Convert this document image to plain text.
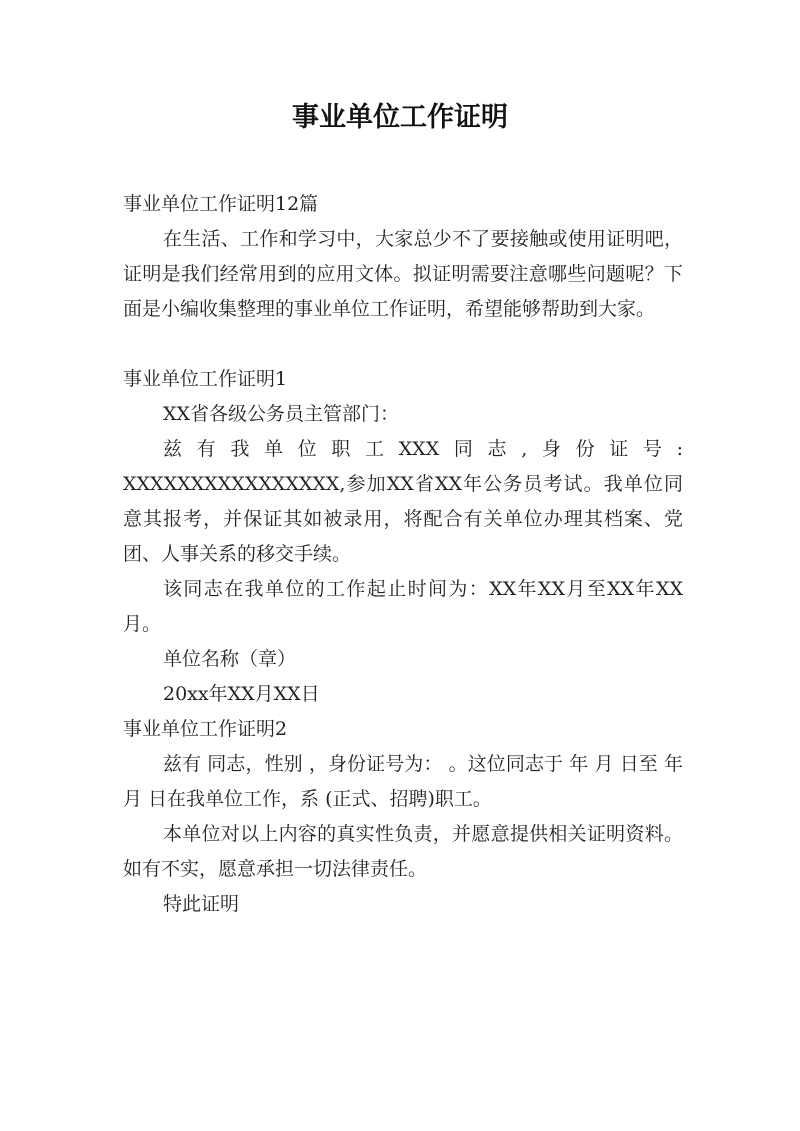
事业单位工作证明

事业单位工作证明12篇

在生活、工作和学习中，大家总少不了要接触或使用证明吧，证明是我们经常用到的应用文体。拟证明需要注意哪些问题呢？下面是小编收集整理的事业单位工作证明，希望能够帮助到大家。

事业单位工作证明1

XX省各级公务员主管部门：

兹有我单位职工XXX同志,身份证号: XXXXXXXXXXXXXXXX,参加XX省XX年公务员考试。我单位同意其报考，并保证其如被录用，将配合有关单位办理其档案、党团、人事关系的移交手续。

该同志在我单位的工作起止时间为：XX年XX月至XX年XX月。

单位名称（章）

20xx年XX月XX日

事业单位工作证明2

兹有 同志，性别 ，身份证号为： 。这位同志于 年 月 日至 年 月 日在我单位工作，系 (正式、招聘)职工。

本单位对以上内容的真实性负责，并愿意提供相关证明资料。如有不实，愿意承担一切法律责任。

特此证明
